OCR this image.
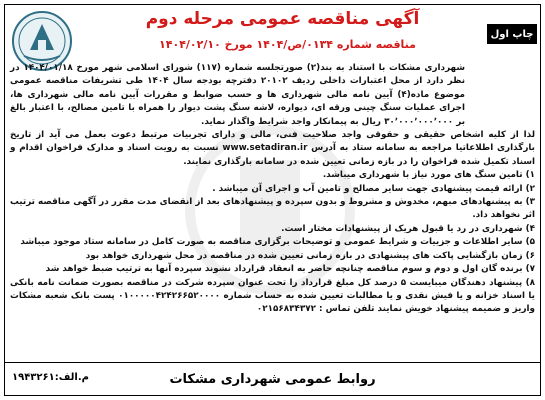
چاپ اول
آگهی مناقصه عمومی مرحله دوم
مناقصه شماره ۰۱۳۴/ص/۱۴۰۴ مورخ ۱۴۰۴/۰۲/۱۰

شهرداری مشکات با استناد به بند(۲) صورتجلسه شماره (۱۱۷) شورای اسلامی شهر مورخ ۱۴۰۴/۰۱/۱۸ در نظر دارد از محل اعتبارات داخلی ردیف ۲۰۱۰۲ دفترچه بودجه سال ۱۴۰۴ طی تشریفات مناقصه عمومی موضوع ماده(۴) آیین نامه مالی شهرداری ها و حسب ضوابط و مقررات آیین نامه مالی شهرداری ها، اجرای عملیات سنگ چینی ورقه ای، دیواره، لاشه سنگ پشت دیوار را همراه با تامین مصالح، با اعتبار بالغ بر ۳۰٬۰۰۰٬۰۰۰٬۰۰۰ ریال به پیمانکار واجد شرایط واگذار نماید.

لذا از کلیه اشخاص حقیقی و حقوقی واجد صلاحیت فنی، مالی و دارای تجربیات مرتبط دعوت بعمل می آید از تاریخ بارگذاری اطلاعاتیا مراجعه به سامانه ستاد به آدرس www.setadiran.ir نسبت به رویت اسناد و مدارک فراخوان اقدام و اسناد تکمیل شده فراخوان را در بازه زمانی تعیین شده در سامانه بارگذاری نمایند.

۱) تامین سنگ های مورد نیاز با شهرداری میباشد.

۲) ارائه قیمت پیشنهادی جهت سایر مصالح و تامین آب و اجرای آن میباشد .

۳) به پیشنهادهای مبهم، مخدوش و مشروط و بدون سپرده و پیشنهادهای بعد از انقضای مدت مقرر در آگهی مناقصه ترتیب اثر نخواهد داد.

۴) شهرداری در رد یا قبول هریک از پیشنهادات مختار است.

۵) سایر اطلاعات و جزییات و شرایط عمومی و توضیحات برگزاری مناقصه به صورت کامل در سامانه ستاد موجود میباشد

۶) زمان بازگشایی پاکت های پیشنهادی در بازه زمانی تعیین شده در مناقصه در محل شهرداری خواهد بود

۷) برنده گان اول و دوم و سوم مناقصه چنانچه حاضر به انعقاد قرارداد نشوند سپرده آنها به ترتیب ضبط خواهد شد

۸) پیشنهاد دهندگان میبایست ۵ درصد کل مبلغ قرارداد را تحت عنوان سپرده شرکت در مناقصه بصورت ضمانت نامه بانکی یا اسناد خزانه و یا فیش نقدی و یا مطالبات تعیین شده به حساب شماره ۰۱۰۰۰۰۰۴۲۴۲۶۶۵۲۰۰۰۰ پست بانک شعبه مشکات واریز و ضمیمه پیشنهاد خویش نمایند تلفن تماس : ۰۲۱۵۶۸۳۴۳۷۲

روابط عمومی شهرداری مشکات
م.الف:۱۹۴۳۲۶۱
